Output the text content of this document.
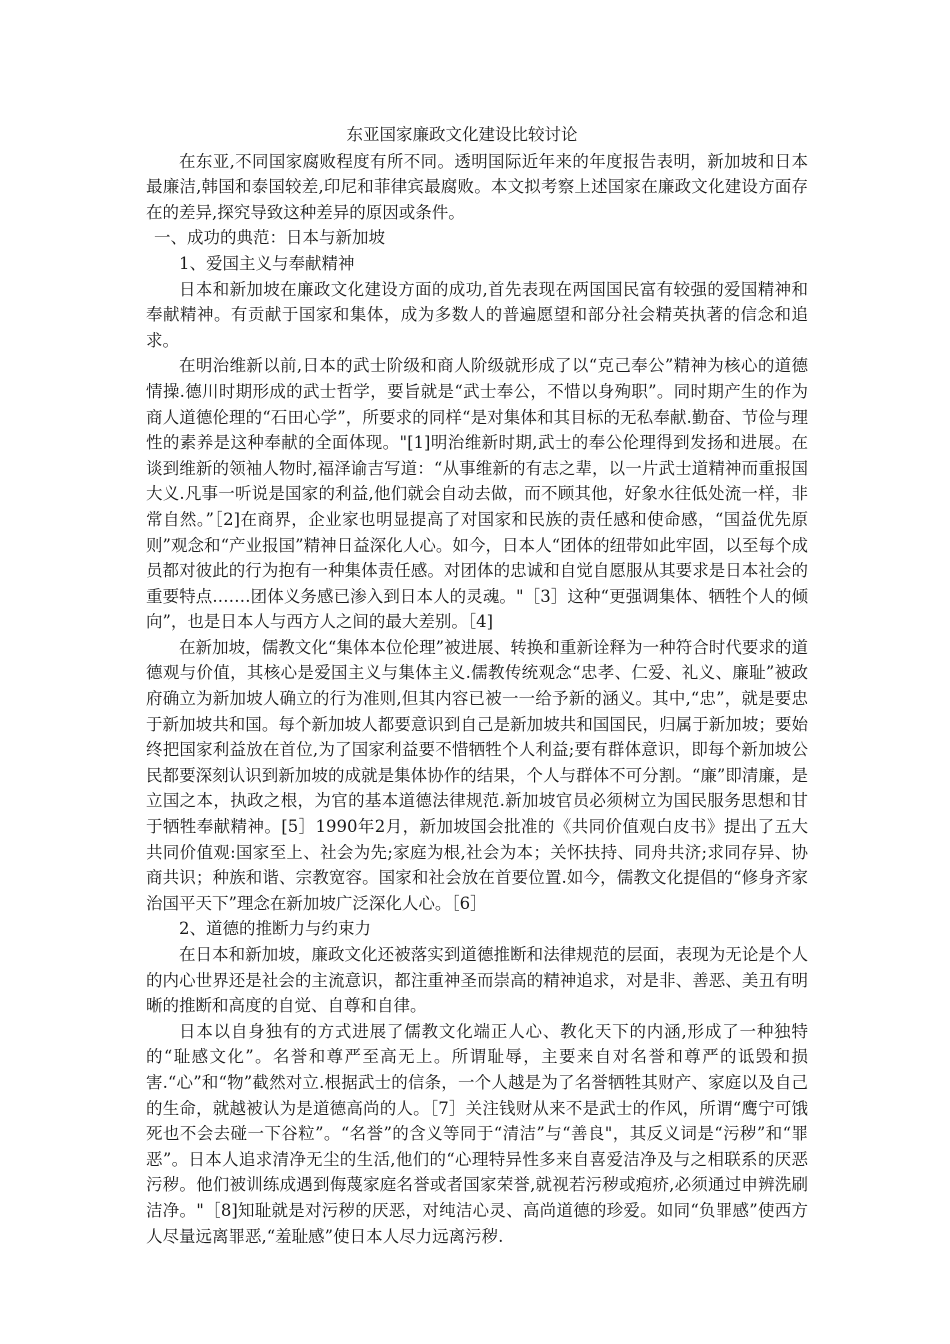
东亚国家廉政文化建设比较讨论

在东亚,不同国家腐败程度有所不同。透明国际近年来的年度报告表明，新加坡和日本最廉洁,韩国和泰国较差,印尼和菲律宾最腐败。本文拟考察上述国家在廉政文化建设方面存在的差异,探究导致这种差异的原因或条件。

一、成功的典范：日本与新加坡

1、爱国主义与奉献精神

日本和新加坡在廉政文化建设方面的成功,首先表现在两国国民富有较强的爱国精神和奉献精神。有贡献于国家和集体，成为多数人的普遍愿望和部分社会精英执著的信念和追求。

在明治维新以前,日本的武士阶级和商人阶级就形成了以“克己奉公”精神为核心的道德情操.德川时期形成的武士哲学，要旨就是“武士奉公，不惜以身殉职”。同时期产生的作为商人道德伦理的“石田心学”，所要求的同样“是对集体和其目标的无私奉献.勤奋、节俭与理性的素养是这种奉献的全面体现。"[1]明治维新时期,武士的奉公伦理得到发扬和进展。在谈到维新的领袖人物时,福泽谕吉写道：“从事维新的有志之辈，以一片武士道精神而重报国大义.凡事一听说是国家的利益,他们就会自动去做，而不顾其他，好象水往低处流一样，非常自然。”［2]在商界，企业家也明显提高了对国家和民族的责任感和使命感，“国益优先原则”观念和“产业报国”精神日益深化人心。如今，日本人“团体的纽带如此牢固，以至每个成员都对彼此的行为抱有一种集体责任感。对团体的忠诚和自觉自愿服从其要求是日本社会的重要特点.……团体义务感已渗入到日本人的灵魂。"［3］这种“更强调集体、牺牲个人的倾向”，也是日本人与西方人之间的最大差别。［4]

在新加坡，儒教文化“集体本位伦理”被进展、转换和重新诠释为一种符合时代要求的道德观与价值，其核心是爱国主义与集体主义.儒教传统观念“忠孝、仁爱、礼义、廉耻”被政府确立为新加坡人确立的行为准则,但其内容已被一一给予新的涵义。其中,“忠”，就是要忠于新加坡共和国。每个新加坡人都要意识到自己是新加坡共和国国民，归属于新加坡；要始终把国家利益放在首位,为了国家利益要不惜牺牲个人利益;要有群体意识，即每个新加坡公民都要深刻认识到新加坡的成就是集体协作的结果，个人与群体不可分割。“廉”即清廉，是立国之本，执政之根，为官的基本道德法律规范.新加坡官员必须树立为国民服务思想和甘于牺牲奉献精神。[5］1990年2月，新加坡国会批准的《共同价值观白皮书》提出了五大共同价值观:国家至上、社会为先;家庭为根,社会为本；关怀扶持、同舟共济;求同存异、协商共识；种族和谐、宗教宽容。国家和社会放在首要位置.如今，儒教文化提倡的“修身齐家治国平天下”理念在新加坡广泛深化人心。［6］

2、道德的推断力与约束力

在日本和新加坡，廉政文化还被落实到道德推断和法律规范的层面，表现为无论是个人的内心世界还是社会的主流意识，都注重神圣而崇高的精神追求，对是非、善恶、美丑有明晰的推断和高度的自觉、自尊和自律。

日本以自身独有的方式进展了儒教文化端正人心、教化天下的内涵,形成了一种独特的“耻感文化”。名誉和尊严至高无上。所谓耻辱，主要来自对名誉和尊严的诋毁和损害.“心”和“物”截然对立.根据武士的信条，一个人越是为了名誉牺牲其财产、家庭以及自己的生命，就越被认为是道德高尚的人。［7］关注钱财从来不是武士的作风，所谓“鹰宁可饿死也不会去碰一下谷粒”。“名誉”的含义等同于“清洁”与“善良"，其反义词是“污秽”和“罪恶”。日本人追求清净无尘的生活,他们的“心理特异性多来自喜爱洁净及与之相联系的厌恶污秽。他们被训练成遇到侮蔑家庭名誉或者国家荣誉,就视若污秽或疱疥,必须通过申辨洗刷洁净。"［8]知耻就是对污秽的厌恶，对纯洁心灵、高尚道德的珍爱。如同“负罪感”使西方人尽量远离罪恶,“羞耻感”使日本人尽力远离污秽.
